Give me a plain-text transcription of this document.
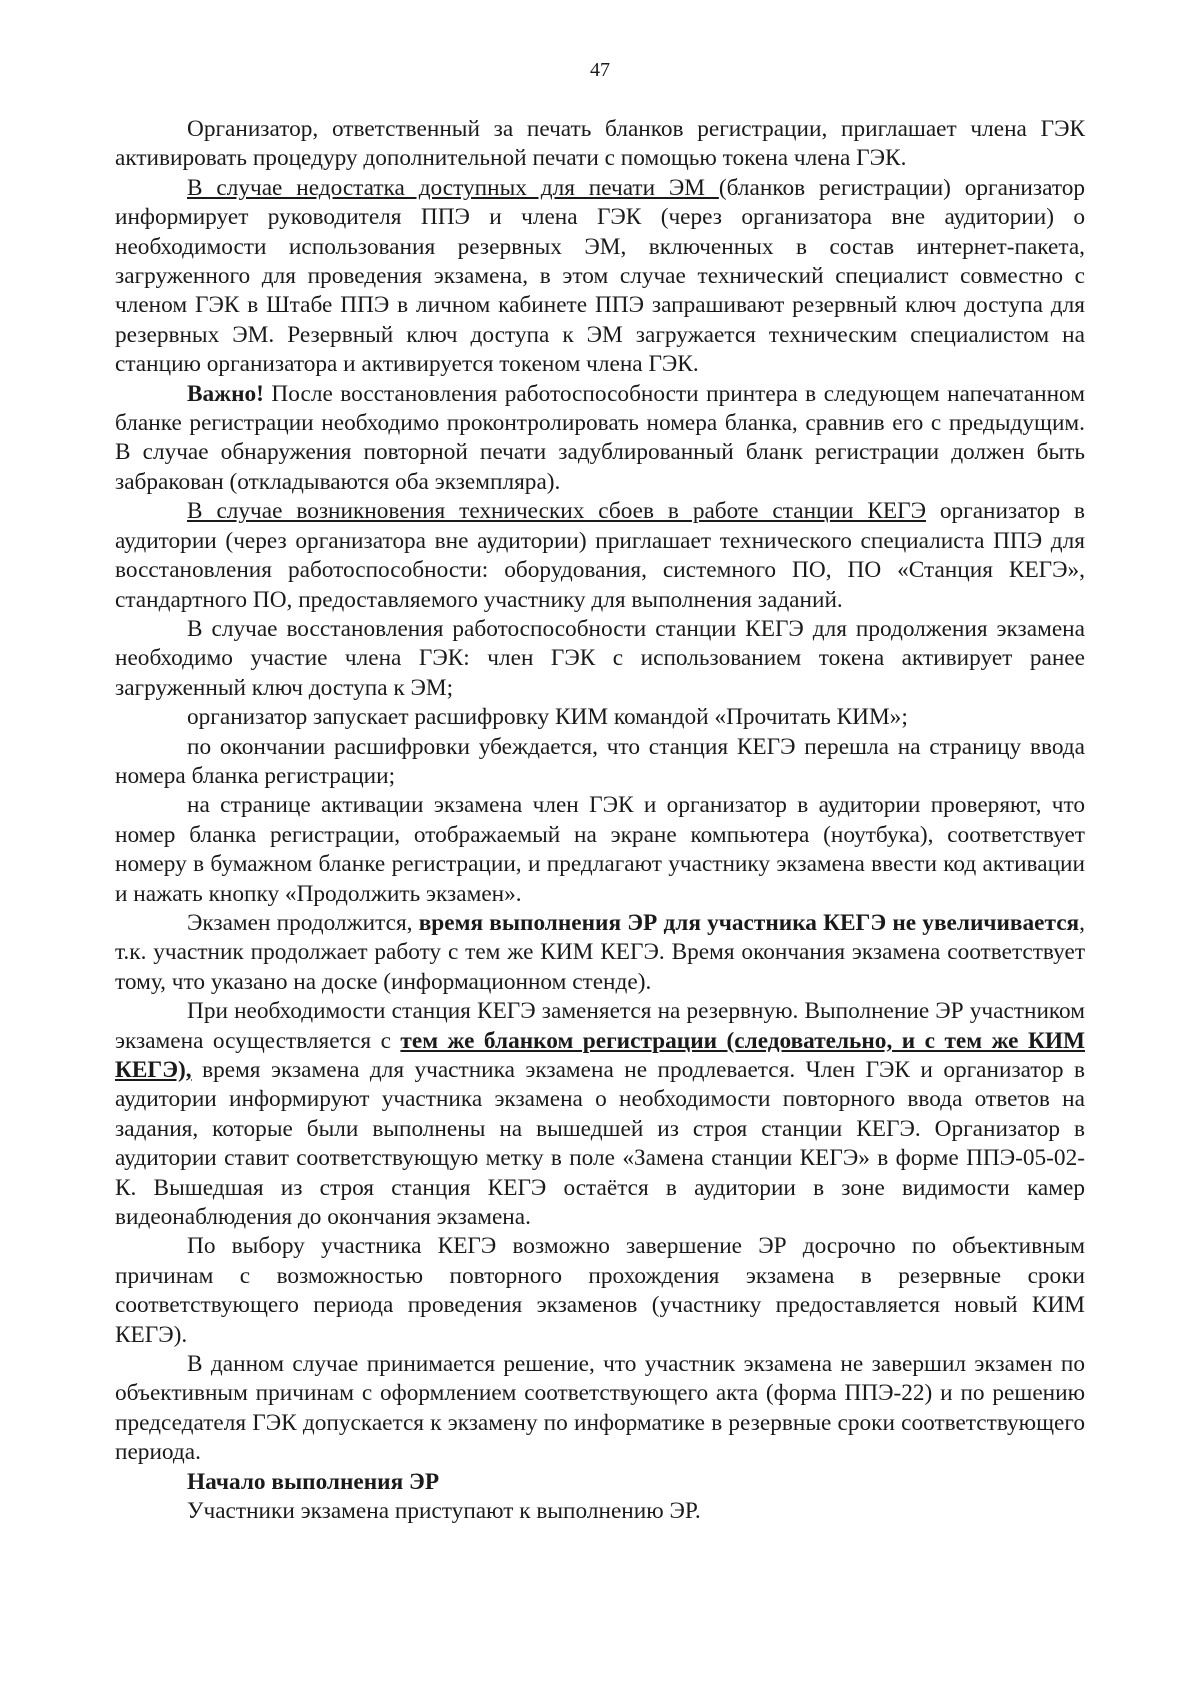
47

Организатор, ответственный за печать бланков регистрации, приглашает члена ГЭК активировать процедуру дополнительной печати с помощью токена члена ГЭК.

В случае недостатка доступных для печати ЭМ (бланков регистрации) организатор информирует руководителя ППЭ и члена ГЭК (через организатора вне аудитории) о необходимости использования резервных ЭМ, включенных в состав интернет-пакета, загруженного для проведения экзамена, в этом случае технический специалист совместно с членом ГЭК в Штабе ППЭ в личном кабинете ППЭ запрашивают резервный ключ доступа для резервных ЭМ. Резервный ключ доступа к ЭМ загружается техническим специалистом на станцию организатора и активируется токеном члена ГЭК.

Важно! После восстановления работоспособности принтера в следующем напечатанном бланке регистрации необходимо проконтролировать номера бланка, сравнив его с предыдущим. В случае обнаружения повторной печати задублированный бланк регистрации должен быть забракован (откладываются оба экземпляра).

В случае возникновения технических сбоев в работе станции КЕГЭ организатор в аудитории (через организатора вне аудитории) приглашает технического специалиста ППЭ для восстановления работоспособности: оборудования, системного ПО, ПО «Станция КЕГЭ», стандартного ПО, предоставляемого участнику для выполнения заданий.

В случае восстановления работоспособности станции КЕГЭ для продолжения экзамена необходимо участие члена ГЭК: член ГЭК с использованием токена активирует ранее загруженный ключ доступа к ЭМ;

организатор запускает расшифровку КИМ командой «Прочитать КИМ»;

по окончании расшифровки убеждается, что станция КЕГЭ перешла на страницу ввода номера бланка регистрации;

на странице активации экзамена член ГЭК и организатор в аудитории проверяют, что номер бланка регистрации, отображаемый на экране компьютера (ноутбука), соответствует номеру в бумажном бланке регистрации, и предлагают участнику экзамена ввести код активации и нажать кнопку «Продолжить экзамен».

Экзамен продолжится, время выполнения ЭР для участника КЕГЭ не увеличивается, т.к. участник продолжает работу с тем же КИМ КЕГЭ. Время окончания экзамена соответствует тому, что указано на доске (информационном стенде).

При необходимости станция КЕГЭ заменяется на резервную. Выполнение ЭР участником экзамена осуществляется с тем же бланком регистрации (следовательно, и с тем же КИМ КЕГЭ), время экзамена для участника экзамена не продлевается. Член ГЭК и организатор в аудитории информируют участника экзамена о необходимости повторного ввода ответов на задания, которые были выполнены на вышедшей из строя станции КЕГЭ. Организатор в аудитории ставит соответствующую метку в поле «Замена станции КЕГЭ» в форме ППЭ-05-02-К. Вышедшая из строя станция КЕГЭ остаётся в аудитории в зоне видимости камер видеонаблюдения до окончания экзамена.

По выбору участника КЕГЭ возможно завершение ЭР досрочно по объективным причинам с возможностью повторного прохождения экзамена в резервные сроки соответствующего периода проведения экзаменов (участнику предоставляется новый КИМ КЕГЭ).

В данном случае принимается решение, что участник экзамена не завершил экзамен по объективным причинам с оформлением соответствующего акта (форма ППЭ-22) и по решению председателя ГЭК допускается к экзамену по информатике в резервные сроки соответствующего периода.

Начало выполнения ЭР

Участники экзамена приступают к выполнению ЭР.
